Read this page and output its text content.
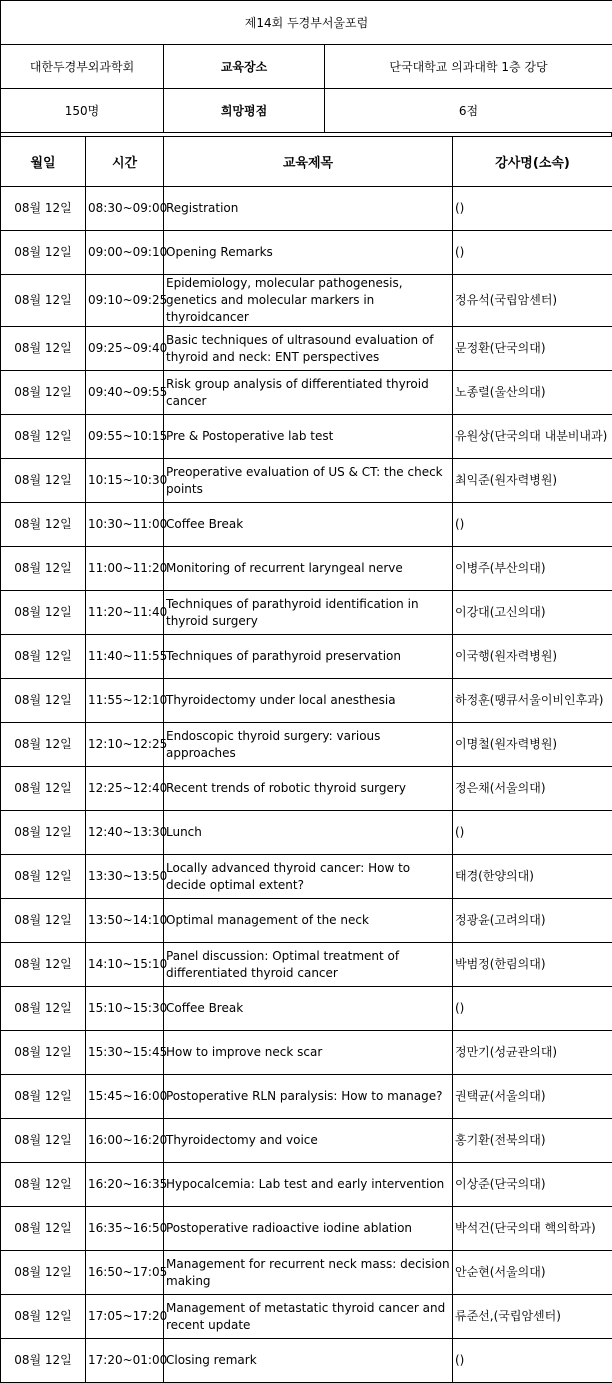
제14회 두경부서울포럼		
대한두경부외과학회	교육장소	단국대학교 의과대학 1층 강당
150명	희망평점	6점
월일	시간	교육제목	강사명(소속)
08월 12일	08:30~09:00	Registration	()
08월 12일	09:00~09:10	Opening Remarks	()
08월 12일	09:10~09:25	Epidemiology, molecular pathogenesis, genetics and molecular markers in thyroidcancer	정유석(국립암센터)
08월 12일	09:25~09:40	Basic techniques of ultrasound evaluation of thyroid and neck: ENT perspectives	문정환(단국의대)
08월 12일	09:40~09:55	Risk group analysis of differentiated thyroid cancer	노종렬(울산의대)
08월 12일	09:55~10:15	Pre & Postoperative lab test	유원상(단국의대 내분비내과)
08월 12일	10:15~10:30	Preoperative evaluation of US & CT: the check points	최익준(원자력병원)
08월 12일	10:30~11:00	Coffee Break	()
08월 12일	11:00~11:20	Monitoring of recurrent laryngeal nerve	이병주(부산의대)
08월 12일	11:20~11:40	Techniques of parathyroid identification in thyroid surgery	이강대(고신의대)
08월 12일	11:40~11:55	Techniques of parathyroid preservation	이국행(원자력병원)
08월 12일	11:55~12:10	Thyroidectomy under local anesthesia	하정훈(땡큐서울이비인후과)
08월 12일	12:10~12:25	Endoscopic thyroid surgery: various approaches	이명철(원자력병원)
08월 12일	12:25~12:40	Recent trends of robotic thyroid surgery	정은채(서울의대)
08월 12일	12:40~13:30	Lunch	()
08월 12일	13:30~13:50	Locally advanced thyroid cancer: How to decide optimal extent?	태경(한양의대)
08월 12일	13:50~14:10	Optimal management of the neck	정광윤(고려의대)
08월 12일	14:10~15:10	Panel discussion: Optimal treatment of differentiated thyroid cancer	박범정(한림의대)
08월 12일	15:10~15:30	Coffee Break	()
08월 12일	15:30~15:45	How to improve neck scar	정만기(성균관의대)
08월 12일	15:45~16:00	Postoperative RLN paralysis: How to manage?	권택균(서울의대)
08월 12일	16:00~16:20	Thyroidectomy and voice	홍기환(전북의대)
08월 12일	16:20~16:35	Hypocalcemia: Lab test and early intervention	이상준(단국의대)
08월 12일	16:35~16:50	Postoperative radioactive iodine ablation	박석건(단국의대 핵의학과)
08월 12일	16:50~17:05	Management for recurrent neck mass: decision making	안순현(서울의대)
08월 12일	17:05~17:20	Management of metastatic thyroid cancer and recent update	류준선,(국립암센터)
08월 12일	17:20~01:00	Closing remark	()
